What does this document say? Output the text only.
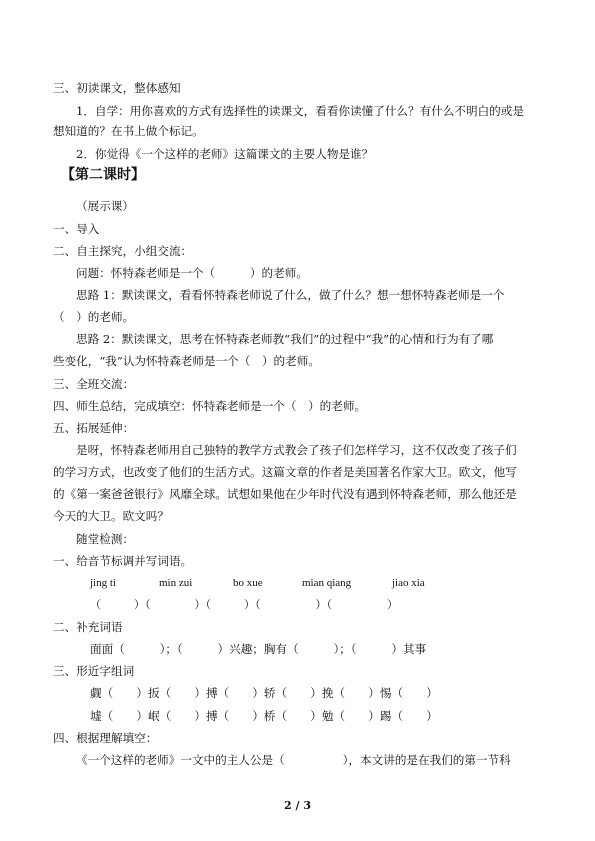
三、初读课文，整体感知
1．自学：用你喜欢的方式有选择性的读课文，看看你读懂了什么？有什么不明白的或是
想知道的？在书上做个标记。
2．你觉得《一个这样的老师》这篇课文的主要人物是谁？
【第二课时】
（展示课）
一、导入
二、自主探究，小组交流：
问题：怀特森老师是一个（　　　）的老师。
思路 1：默读课文，看看怀特森老师说了什么，做了什么？想一想怀特森老师是一个
（　）的老师。
思路 2：默读课文，思考在怀特森老师教“我们”的过程中“我”的心情和行为有了哪
些变化，“我”认为怀特森老师是一个（　）的老师。
三、全班交流：
四、师生总结，完成填空：怀特森老师是一个（　）的老师。
五、拓展延伸：
是呀，怀特森老师用自己独特的教学方式教会了孩子们怎样学习，这不仅改变了孩子们
的学习方式，也改变了他们的生活方式。这篇文章的作者是美国著名作家大卫。欧文，他写
的《第一案爸爸银行》风靡全球。试想如果他在少年时代没有遇到怀特森老师，那么他还是
今天的大卫。欧文吗？
随堂检测：
一、给音节标调并写词语。
jing ti	min zui	bo xue	mian qiang	jiao xia
（　　　）（　　　　）（　　　）（　　　　　）（　　　　　）
二、补充词语
面面（　　　）；（　　　）兴趣；胸有（　　　）；（　　　）其事
三、形近字组词
觑（　　）扳（　　）搏（　　）轿（　　）挽（　　）惕（　　）
墟（　　）岷（　　）搏（　　）桥（　　）勉（　　）踢（　　）
四、根据理解填空：
《一个这样的老师》一文中的主人公是（　　　　　），本文讲的是在我们的第一节科
2 / 3
